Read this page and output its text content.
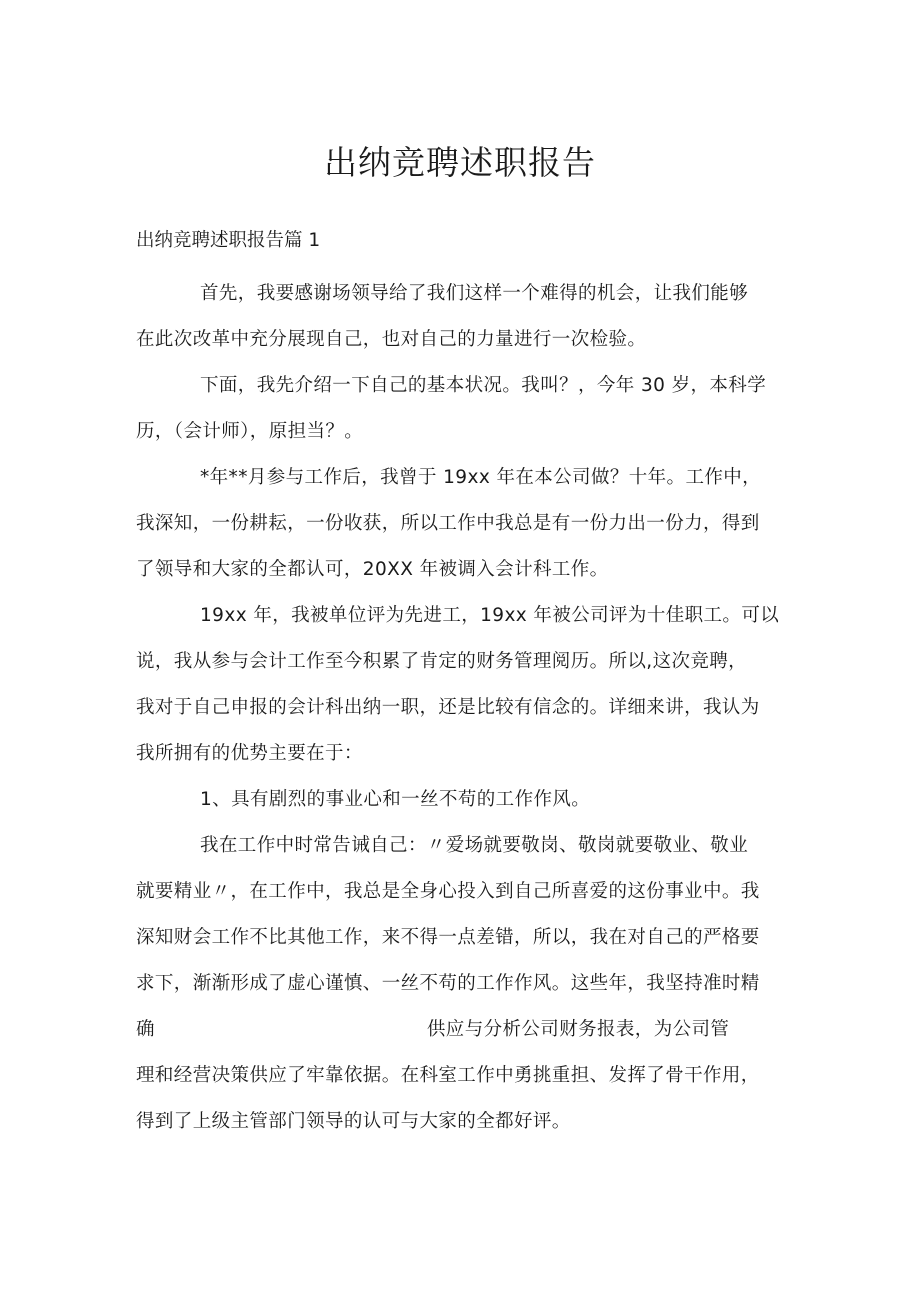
出纳竞聘述职报告
出纳竞聘述职报告篇 1
首先，我要感谢场领导给了我们这样一个难得的机会，让我们能够
在此次改革中充分展现自己，也对自己的力量进行一次检验。
下面，我先介绍一下自己的基本状况。我叫？，今年 30 岁，本科学
历，（会计师），原担当？。
*年**月参与工作后，我曾于 19xx 年在本公司做？十年。工作中，
我深知，一份耕耘，一份收获，所以工作中我总是有一份力出一份力，得到
了领导和大家的全都认可，20XX 年被调入会计科工作。
19xx 年，我被单位评为先进工，19xx 年被公司评为十佳职工。可以
说，我从参与会计工作至今积累了肯定的财务管理阅历。所以,这次竞聘，
我对于自己申报的会计科出纳一职，还是比较有信念的。详细来讲，我认为
我所拥有的优势主要在于：
1、具有剧烈的事业心和一丝不苟的工作作风。
我在工作中时常告诫自己：〃爱场就要敬岗、敬岗就要敬业、敬业
就要精业〃，在工作中，我总是全身心投入到自己所喜爱的这份事业中。我
深知财会工作不比其他工作，来不得一点差错，所以，我在对自己的严格要
求下，渐渐形成了虚心谨慎、一丝不苟的工作作风。这些年，我坚持准时精
确	供应与分析公司财务报表，为公司管
理和经营决策供应了牢靠依据。在科室工作中勇挑重担、发挥了骨干作用，
得到了上级主管部门领导的认可与大家的全都好评。
